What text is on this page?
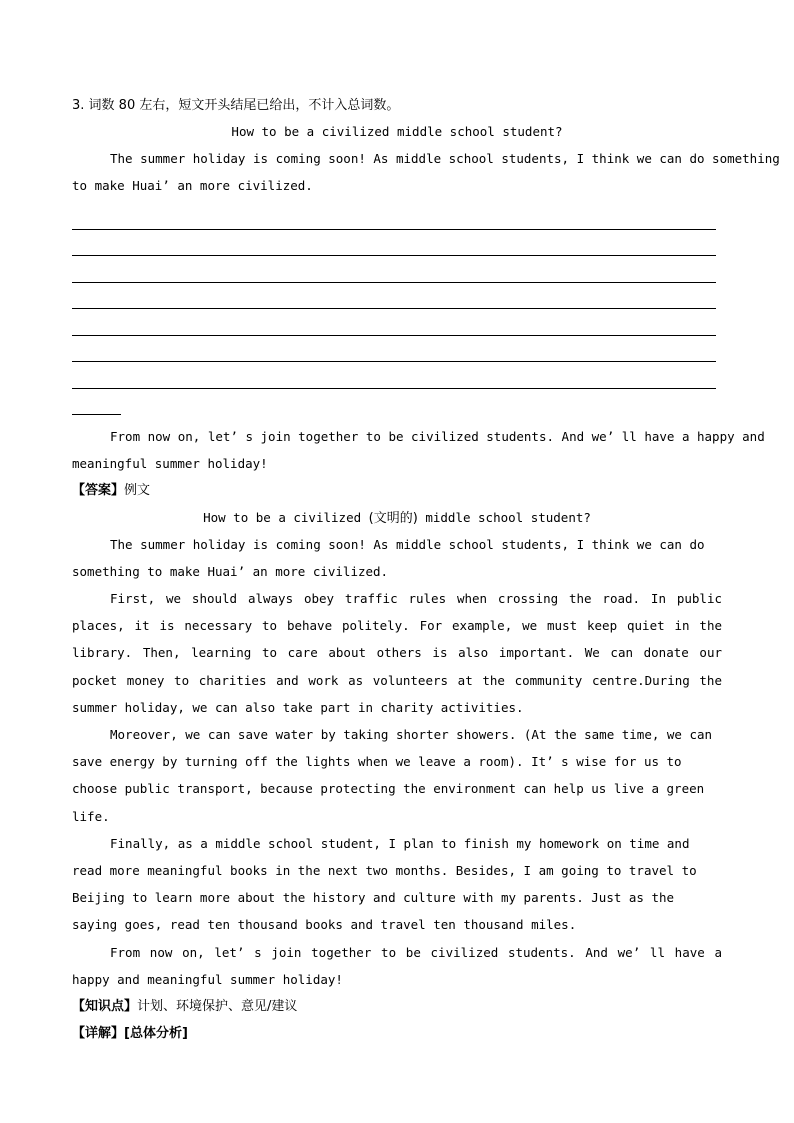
3. 词数 80 左右，短文开头结尾已给出，不计入总词数。
How to be a civilized middle school student?
The summer holiday is coming soon! As middle school students, I think we can do something
to make Huai’ an more civilized.
From now on, let’ s join together to be civilized students. And we’ ll have a happy and
meaningful summer holiday!
【答案】例文
How to be a civilized (文明的) middle school student?

The summer holiday is coming soon! As middle school students, I think we can do something to make Huai’ an more civilized.

First, we should always obey traffic rules when crossing the road. In public places, it is necessary to behave politely. For example, we must keep quiet in the library. Then, learning to care about others is also important. We can donate our pocket money to charities and work as volunteers at the community centre.During the summer holiday, we can also take part in charity activities.

Moreover, we can save water by taking shorter showers. (At the same time, we can save energy by turning off the lights when we leave a room). It’ s wise for us to choose public transport, because protecting the environment can help us live a green life.

Finally, as a middle school student, I plan to finish my homework on time and read more meaningful books in the next two months. Besides, I am going to travel to Beijing to learn more about the history and culture with my parents. Just as the saying goes, read ten thousand books and travel ten thousand miles.

From now on, let’ s join together to be civilized students. And we’ ll have a happy and meaningful summer holiday!

【知识点】计划、环境保护、意见/建议
【详解】[总体分析]
